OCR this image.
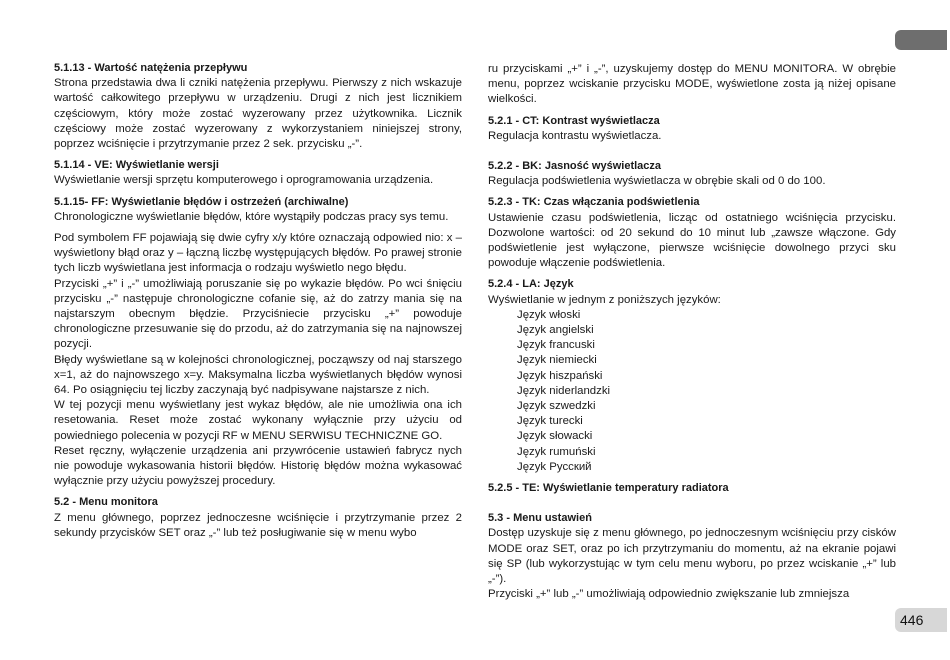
446

5.1.13 - Wartość natężenia przepływu

Strona przedstawia dwa li czniki natężenia przepływu. Pierwszy z nich wskazuje wartość całkowitego przepływu w urządzeniu. Drugi z nich jest licznikiem częściowym, który może zostać wyzerowany przez użytkownika. Licznik częściowy może zostać wyzerowany z wykorzystaniem niniejszej strony, poprzez wciśnięcie i przytrzymanie przez 2 sek. przycisku „-”.

5.1.14 - VE: Wyświetlanie wersji

Wyświetlanie wersji sprzętu komputerowego i oprogramowania urządzenia.

5.1.15- FF: Wyświetlanie błędów i ostrzeżeń (archiwalne)

Chronologiczne wyświetlanie błędów, które wystąpiły podczas pracy sys temu.

Pod symbolem FF pojawiają się dwie cyfry x/y które oznaczają odpowied nio: x – wyświetlony błąd oraz y – łączną liczbę występujących błędów. Po prawej stronie tych liczb wyświetlana jest informacja o rodzaju wyświetlo nego błędu.

Przyciski „+” i „-” umożliwiają poruszanie się po wykazie błędów. Po wci śnięciu przycisku „-” następuje chronologiczne cofanie się, aż do zatrzy mania się na najstarszym obecnym błędzie. Przyciśniecie przycisku „+” powoduje chronologiczne przesuwanie się do przodu, aż do zatrzymania się na najnowszej pozycji.

Błędy wyświetlane są w kolejności chronologicznej, począwszy od naj starszego x=1, aż do najnowszego x=y. Maksymalna liczba wyświetlanych błędów wynosi 64. Po osiągnięciu tej liczby zaczynają być nadpisywane najstarsze z nich.

W tej pozycji menu wyświetlany jest wykaz błędów, ale nie umożliwia ona ich resetowania. Reset może zostać wykonany wyłącznie przy użyciu od powiedniego polecenia w pozycji RF w MENU SERWISU TECHNICZNE GO.

Reset ręczny, wyłączenie urządzenia ani przywrócenie ustawień fabrycz nych nie powoduje wykasowania historii błędów. Historię błędów można wykasować wyłącznie przy użyciu powyższej procedury.

5.2 - Menu monitora

Z menu głównego, poprzez jednoczesne wciśnięcie i przytrzymanie przez 2 sekundy przycisków SET oraz „-” lub też posługiwanie się w menu wybo

ru przyciskami „+” i „-”, uzyskujemy dostęp do MENU MONITORA. W obrębie menu, poprzez wciskanie przycisku MODE, wyświetlone zosta ją niżej opisane wielkości.

5.2.1 - CT: Kontrast wyświetlacza

Regulacja kontrastu wyświetlacza.

5.2.2 - BK: Jasność wyświetlacza

Regulacja podświetlenia wyświetlacza w obrębie skali od 0 do 100.

5.2.3 - TK: Czas włączania podświetlenia

Ustawienie czasu podświetlenia, licząc od ostatniego wciśnięcia przycisku. Dozwolone wartości: od 20 sekund do 10 minut lub „zawsze włączone. Gdy podświetlenie jest wyłączone, pierwsze wciśnięcie dowolnego przyci sku powoduje włączenie podświetlenia.

5.2.4 - LA: Język

Wyświetlanie w jednym z poniższych języków:

Język włoski

Język angielski

Język francuski

Język niemiecki

Język hiszpański

Język niderlandzki

Język szwedzki

Język turecki

Język słowacki

Język rumuński

Język Русский

5.2.5 - TE: Wyświetlanie temperatury radiatora

5.3 - Menu ustawień

Dostęp uzyskuje się z menu głównego, po jednoczesnym wciśnięciu przy cisków MODE oraz SET, oraz po ich przytrzymaniu do momentu, aż na ekranie pojawi się SP (lub wykorzystując w tym celu menu wyboru, po przez wciskanie „+” lub „-”).

Przyciski „+” lub „-” umożliwiają odpowiednio zwiększanie lub zmniejsza
